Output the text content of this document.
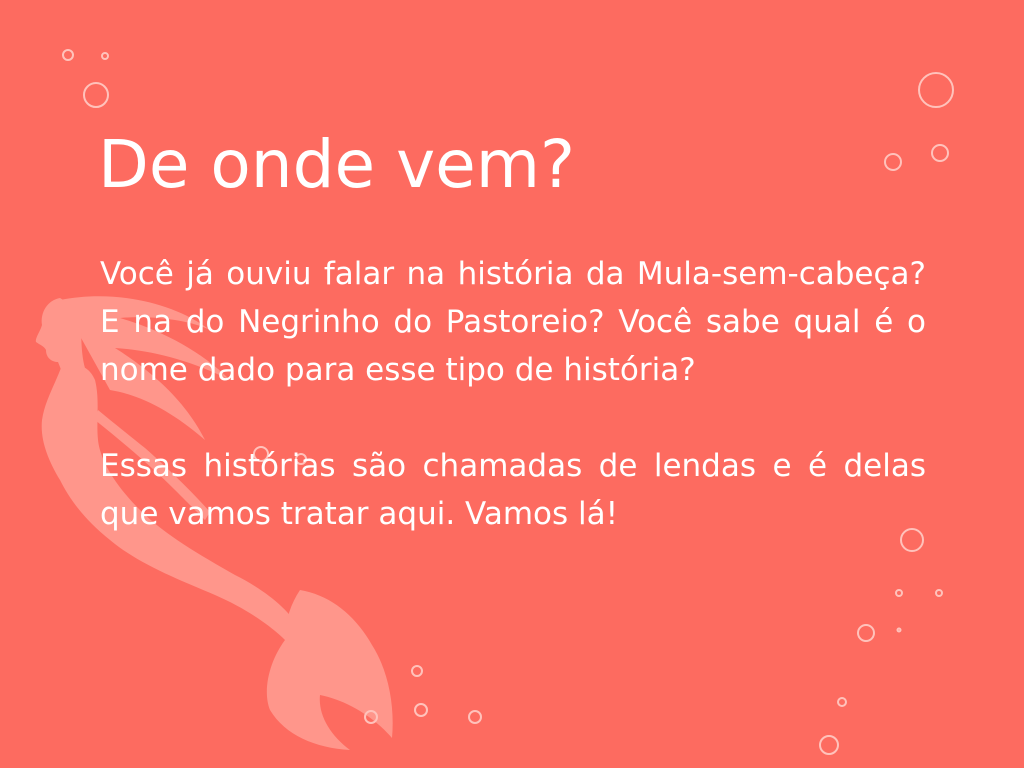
De onde vem?

Você já ouviu falar na história da Mula-sem-cabeça? E na do Negrinho do Pastoreio? Você sabe qual é o nome dado para esse tipo de história?

Essas histórias são chamadas de lendas e é delas que vamos tratar aqui. Vamos lá!
